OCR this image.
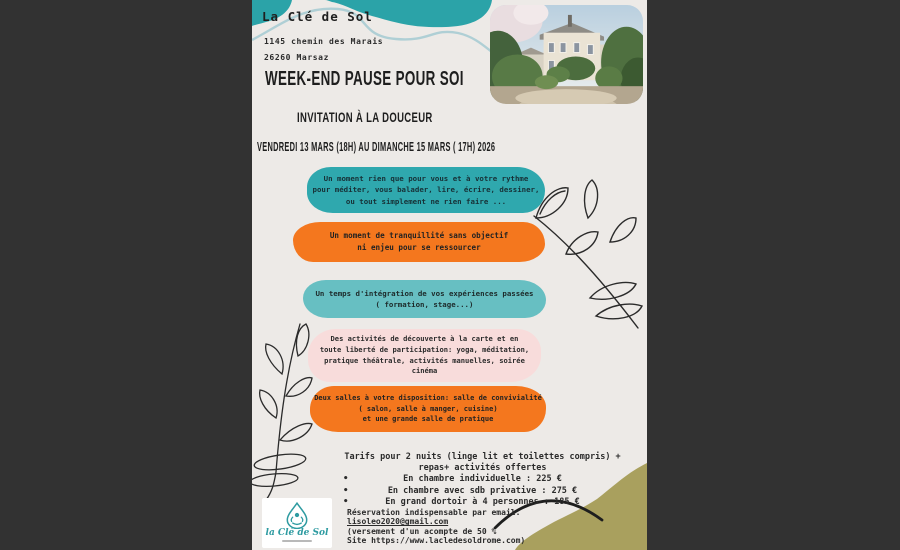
La Clé de Sol
1145 chemin des Marais
26260 Marsaz
WEEK-END PAUSE POUR SOI
INVITATION À LA DOUCEUR
VENDREDI 13 MARS (18H) AU DIMANCHE 15 MARS ( 17H) 2026
Un moment rien que pour vous et à votre rythme
pour méditer, vous balader, lire, écrire, dessiner,
ou tout simplement ne rien faire ...
Un moment de tranquillité sans objectif
ni enjeu pour se ressourcer
Un temps d'intégration de vos expériences passées
( formation, stage...)
Des activités de découverte à la carte et en
toute liberté de participation: yoga, méditation,
pratique théâtrale, activités manuelles, soirée
cinéma
Deux salles à votre disposition: salle de convivialité
( salon, salle à manger, cuisine)
et une grande salle de pratique
Tarifs pour 2 nuits (linge lit et toilettes compris) +
repas+ activités offertes
• En chambre individuelle : 225 €
• En chambre avec sdb privative : 275 €
• En grand dortoir à 4 personnes : 185 €
Réservation indispensable par email.
lisoleo2020@gmail.com
(versement d'un acompte de 50 %
Site https://www.lacledesoldrome.com)
la Clé de Sol
